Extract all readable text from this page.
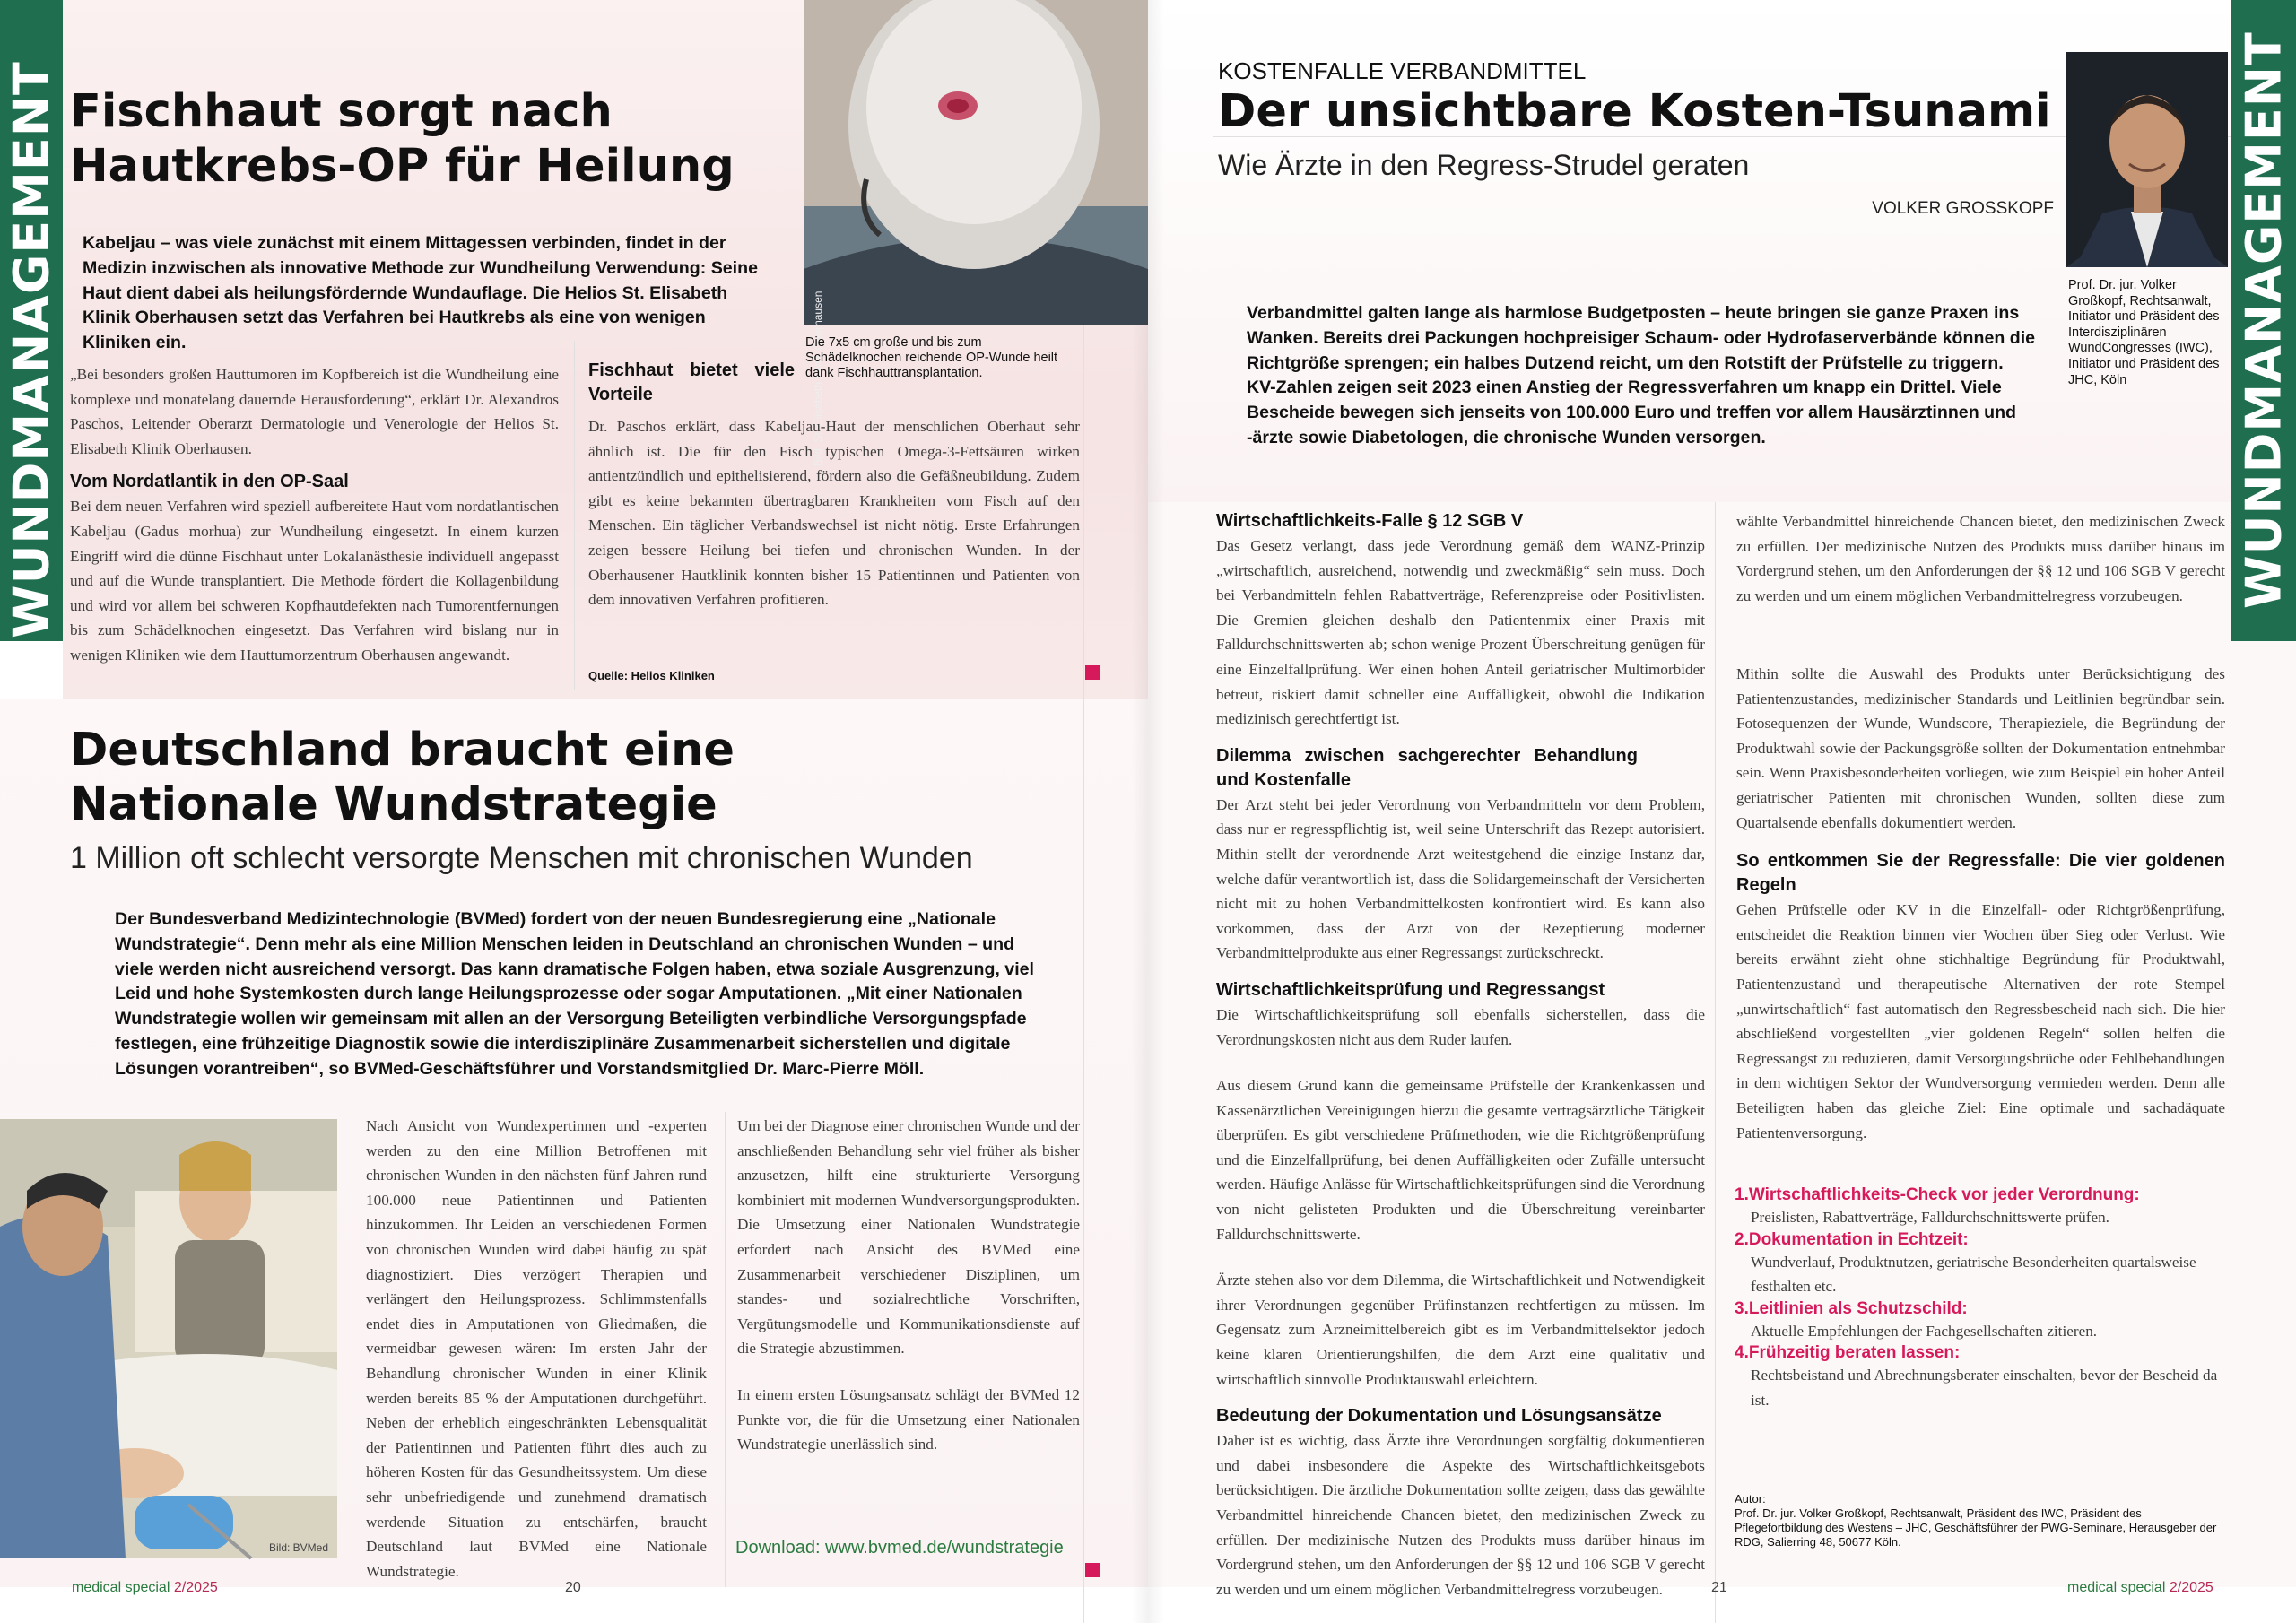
WUNDMANAGEMENT	WUNDMANAGEMENT
Fischhaut sorgt nach Hautkrebs-OP für Heilung
Bild: St. Elisabeth Klinik Oberhausen
Die 7x5 cm große und bis zum Schädelknochen reichende OP-Wunde heilt dank Fischhauttransplantation.
Kabeljau – was viele zunächst mit einem Mittagessen verbinden, findet in der Medizin inzwischen als innovative Methode zur Wundheilung Verwendung: Seine Haut dient dabei als heilungsfördernde Wundauflage. Die Helios St. Elisabeth Klinik Oberhausen setzt das Verfahren bei Hautkrebs als eine von wenigen Kliniken ein.

„Bei besonders großen Hauttumoren im Kopfbereich ist die Wundheilung eine komplexe und monatelang dauernde Herausforderung“, erklärt Dr. Alexandros Paschos, Leitender Oberarzt Dermatologie und Venerologie der Helios St. Elisabeth Klinik Oberhausen.

Vom Nordatlantik in den OP-Saal

Bei dem neuen Verfahren wird speziell aufbereitete Haut vom nordatlantischen Kabeljau (Gadus morhua) zur Wundheilung eingesetzt. In einem kurzen Eingriff wird die dünne Fischhaut unter Lokalanästhesie individuell angepasst und auf die Wunde transplantiert. Die Methode fördert die Kollagenbildung und wird vor allem bei schweren Kopfhautdefekten nach Tumorentfernungen bis zum Schädelknochen eingesetzt. Das Verfahren wird bislang nur in wenigen Kliniken wie dem Hauttumorzentrum Oberhausen angewandt.

Fischhaut bietet viele Vorteile

Dr. Paschos erklärt, dass Kabeljau-Haut der menschlichen Oberhaut sehr ähnlich ist. Die für den Fisch typischen Omega-3-Fettsäuren wirken antientzündlich und epithelisierend, fördern also die Gefäßneubildung. Zudem gibt es keine bekannten übertragbaren Krankheiten vom Fisch auf den Menschen. Ein täglicher Verbandswechsel ist nicht nötig. Erste Erfahrungen zeigen bessere Heilung bei tiefen und chronischen Wunden. In der Oberhausener Hautklinik konnten bisher 15 Patientinnen und Patienten von dem innovativen Verfahren profitieren.

Quelle: Helios Kliniken
Deutschland braucht eine Nationale Wundstrategie
1 Million oft schlecht versorgte Menschen mit chronischen Wunden
Der Bundesverband Medizintechnologie (BVMed) fordert von der neuen Bundesregierung eine „Nationale Wundstrategie“. Denn mehr als eine Million Menschen leiden in Deutschland an chronischen Wunden – und viele werden nicht ausreichend versorgt. Das kann dramatische Folgen haben, etwa soziale Ausgrenzung, viel Leid und hohe Systemkosten durch lange Heilungsprozesse oder sogar Amputationen. „Mit einer Nationalen Wundstrategie wollen wir gemeinsam mit allen an der Versorgung Beteiligten verbindliche Versorgungspfade festlegen, eine frühzeitige Diagnostik sowie die interdisziplinäre Zusammenarbeit sicherstellen und digitale Lösungen vorantreiben“, so BVMed-Geschäftsführer und Vorstandsmitglied Dr. Marc-Pierre Möll.
Bild: BVMed

Nach Ansicht von Wundexpertinnen und -experten werden zu den eine Million Betroffenen mit chronischen Wunden in den nächsten fünf Jahren rund 100.000 neue Patientinnen und Patienten hinzukommen. Ihr Leiden an verschiedenen Formen von chronischen Wunden wird dabei häufig zu spät diagnostiziert. Dies verzögert Therapien und verlängert den Heilungsprozess. Schlimmstenfalls endet dies in Amputationen von Gliedmaßen, die vermeidbar gewesen wären: Im ersten Jahr der Behandlung chronischer Wunden in einer Klinik werden bereits 85 % der Amputationen durchgeführt. Neben der erheblich eingeschränkten Lebensqualität der Patientinnen und Patienten führt dies auch zu höheren Kosten für das Gesundheitssystem. Um diese sehr unbefriedigende und zunehmend dramatisch werdende Situation zu entschärfen, braucht Deutschland laut BVMed eine Nationale Wundstrategie.

Um bei der Diagnose einer chronischen Wunde und der anschließenden Behandlung sehr viel früher als bisher anzusetzen, hilft eine strukturierte Versorgung kombiniert mit modernen Wundversorgungsprodukten. Die Umsetzung einer Nationalen Wundstrategie erfordert nach Ansicht des BVMed eine Zusammenarbeit verschiedener Disziplinen, um standes- und sozialrechtliche Vorschriften, Vergütungsmodelle und Kommunikationsdienste auf die Strategie abzustimmen.

In einem ersten Lösungsansatz schlägt der BVMed 12 Punkte vor, die für die Umsetzung einer Nationalen Wundstrategie unerlässlich sind.

Download: www.bvmed.de/wundstrategie
KOSTENFALLE VERBANDMITTEL
Der unsichtbare Kosten-Tsunami
Wie Ärzte in den Regress-Strudel geraten
VOLKER GROSSKOPF
Prof. Dr. jur. Volker Großkopf, Rechtsanwalt, Initiator und Präsident des Interdisziplinären WundCongresses (IWC), Initiator und Präsident des JHC, Köln
Verbandmittel galten lange als harmlose Budgetposten – heute bringen sie ganze Praxen ins Wanken. Bereits drei Packungen hochpreisiger Schaum- oder Hydrofaserverbände können die Richtgröße sprengen; ein halbes Dutzend reicht, um den Rotstift der Prüfstelle zu triggern. KV-Zahlen zeigen seit 2023 einen Anstieg der Regressverfahren um knapp ein Drittel. Viele Bescheide bewegen sich jenseits von 100.000 Euro und treffen vor allem Hausärztinnen und -ärzte sowie Diabetologen, die chronische Wunden versorgen.

Wirtschaftlichkeits-Falle § 12 SGB V

Das Gesetz verlangt, dass jede Verordnung gemäß dem WANZ-Prinzip „wirtschaftlich, ausreichend, notwendig und zweckmäßig“ sein muss. Doch bei Verbandmitteln fehlen Rabattverträge, Referenzpreise oder Positivlisten. Die Gremien gleichen deshalb den Patientenmix einer Praxis mit Falldurchschnittswerten ab; schon wenige Prozent Überschreitung genügen für eine Einzelfallprüfung. Wer einen hohen Anteil geriatrischer Multimorbider betreut, riskiert damit schneller eine Auffälligkeit, obwohl die Indikation medizinisch gerechtfertigt ist.

Dilemma zwischen sachgerechter Behandlung und Kostenfalle

Der Arzt steht bei jeder Verordnung von Verbandmitteln vor dem Problem, dass nur er regresspflichtig ist, weil seine Unterschrift das Rezept autorisiert. Mithin stellt der verordnende Arzt weitestgehend die einzige Instanz dar, welche dafür verantwortlich ist, dass die Solidargemeinschaft der Versicherten nicht mit zu hohen Verbandmittelkosten konfrontiert wird. Es kann also vorkommen, dass der Arzt von der Rezeptierung moderner Verbandmittelprodukte aus einer Regressangst zurückschreckt.

Wirtschaftlichkeitsprüfung und Regressangst

Die Wirtschaftlichkeitsprüfung soll ebenfalls sicherstellen, dass die Verordnungskosten nicht aus dem Ruder laufen.

Aus diesem Grund kann die gemeinsame Prüfstelle der Krankenkassen und Kassenärztlichen Vereinigungen hierzu die gesamte vertragsärztliche Tätigkeit überprüfen. Es gibt verschiedene Prüfmethoden, wie die Richtgrößenprüfung und die Einzelfallprüfung, bei denen Auffälligkeiten oder Zufälle untersucht werden. Häufige Anlässe für Wirtschaftlichkeitsprüfungen sind die Verordnung von nicht gelisteten Produkten und die Überschreitung vereinbarter Falldurchschnittswerte.

Ärzte stehen also vor dem Dilemma, die Wirtschaftlichkeit und Notwendigkeit ihrer Verordnungen gegenüber Prüfinstanzen rechtfertigen zu müssen. Im Gegensatz zum Arzneimittelbereich gibt es im Verbandmittelsektor jedoch keine klaren Orientierungshilfen, die dem Arzt eine qualitativ und wirtschaftlich sinnvolle Produktauswahl erleichtern.

Bedeutung der Dokumentation und Lösungsansätze

Daher ist es wichtig, dass Ärzte ihre Verordnungen sorgfältig dokumentieren und dabei insbesondere die Aspekte des Wirtschaftlichkeitsgebots berücksichtigen. Die ärztliche Dokumentation sollte zeigen, dass das gewählte Verbandmittel hinreichende Chancen bietet, den medizinischen Zweck zu erfüllen. Der medizinische Nutzen des Produkts muss darüber hinaus im Vordergrund stehen, um den Anforderungen der §§ 12 und 106 SGB V gerecht zu werden und um einem möglichen Verbandmittelregress vorzubeugen.

Mithin sollte die Auswahl des Produkts unter Berücksichtigung des Patientenzustandes, medizinischer Standards und Leitlinien begründbar sein. Fotosequenzen der Wunde, Wundscore, Therapieziele, die Begründung der Produktwahl sowie der Packungsgröße sollten der Dokumentation entnehmbar sein. Wenn Praxisbesonderheiten vorliegen, wie zum Beispiel ein hoher Anteil geriatrischer Patienten mit chronischen Wunden, sollten diese zum Quartalsende ebenfalls dokumentiert werden.

So entkommen Sie der Regressfalle: Die vier goldenen Regeln

Gehen Prüfstelle oder KV in die Einzelfall- oder Richtgrößenprüfung, entscheidet die Reaktion binnen vier Wochen über Sieg oder Verlust. Wie bereits erwähnt zieht ohne stichhaltige Begründung für Produktwahl, Patientenzustand und therapeutische Alternativen der rote Stempel „unwirtschaftlich“ fast automatisch den Regressbescheid nach sich. Die hier abschließend vorgestellten „vier goldenen Regeln“ sollen helfen die Regressangst zu reduzieren, damit Versorgungsbrüche oder Fehlbehandlungen in dem wichtigen Sektor der Wundversorgung vermieden werden. Denn alle Beteiligten haben das gleiche Ziel: Eine optimale und sachadäquate Patientenversorgung.

wählte Verbandmittel hinreichende Chancen bietet, den medizinischen Zweck zu erfüllen. Der medizinische Nutzen des Produkts muss darüber hinaus im Vordergrund stehen, um den Anforderungen der §§ 12 und 106 SGB V gerecht zu werden und um einem möglichen Verbandmittelregress vorzubeugen.

1.Wirtschaftlichkeits-Check vor jeder Verordnung:
Preislisten, Rabattverträge, Falldurchschnittswerte prüfen.
2.Dokumentation in Echtzeit:
Wundverlauf, Produktnutzen, geriatrische Besonderheiten quartalsweise festhalten etc.
3.Leitlinien als Schutzschild:
Aktuelle Empfehlungen der Fachgesellschaften zitieren.
4.Frühzeitig beraten lassen:
Rechtsbeistand und Abrechnungsberater einschalten, bevor der Bescheid da ist.
Autor:
Prof. Dr. jur. Volker Großkopf, Rechtsanwalt, Präsident des IWC, Präsident des Pflegefortbildung des Westens – JHC, Geschäftsführer der PWG-Seminare, Herausgeber der RDG, Salierring 48, 50677 Köln.
medical special 2/2025	20	21	medical special 2/2025
